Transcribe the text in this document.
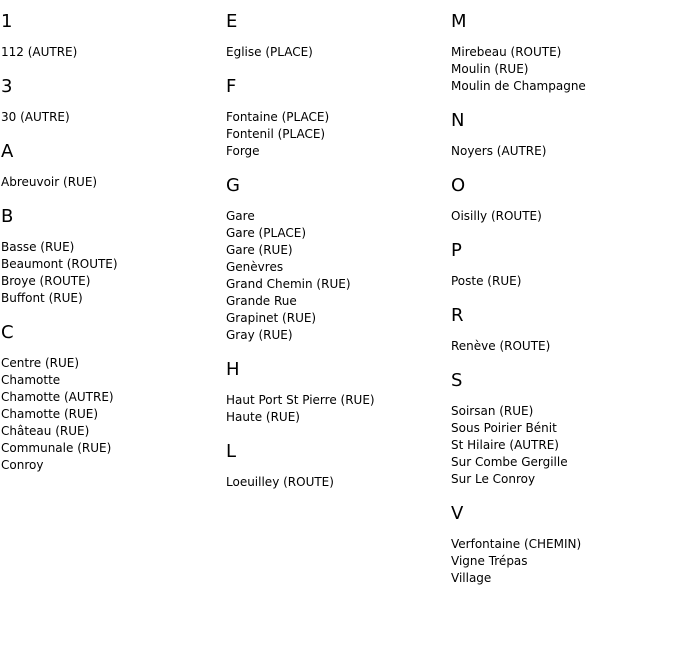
1
112 (AUTRE)
3
30 (AUTRE)
A
Abreuvoir (RUE)
B
Basse (RUE)
Beaumont (ROUTE)
Broye (ROUTE)
Buffont (RUE)
C
Centre (RUE)
Chamotte
Chamotte (AUTRE)
Chamotte (RUE)
Château (RUE)
Communale (RUE)
Conroy
E
Eglise (PLACE)
F
Fontaine (PLACE)
Fontenil (PLACE)
Forge
G
Gare
Gare (PLACE)
Gare (RUE)
Genèvres
Grand Chemin (RUE)
Grande Rue
Grapinet (RUE)
Gray (RUE)
H
Haut Port St Pierre (RUE)
Haute (RUE)
L
Loeuilley (ROUTE)
M
Mirebeau (ROUTE)
Moulin (RUE)
Moulin de Champagne
N
Noyers (AUTRE)
O
Oisilly (ROUTE)
P
Poste (RUE)
R
Renève (ROUTE)
S
Soirsan (RUE)
Sous Poirier Bénit
St Hilaire (AUTRE)
Sur Combe Gergille
Sur Le Conroy
V
Verfontaine (CHEMIN)
Vigne Trépas
Village
